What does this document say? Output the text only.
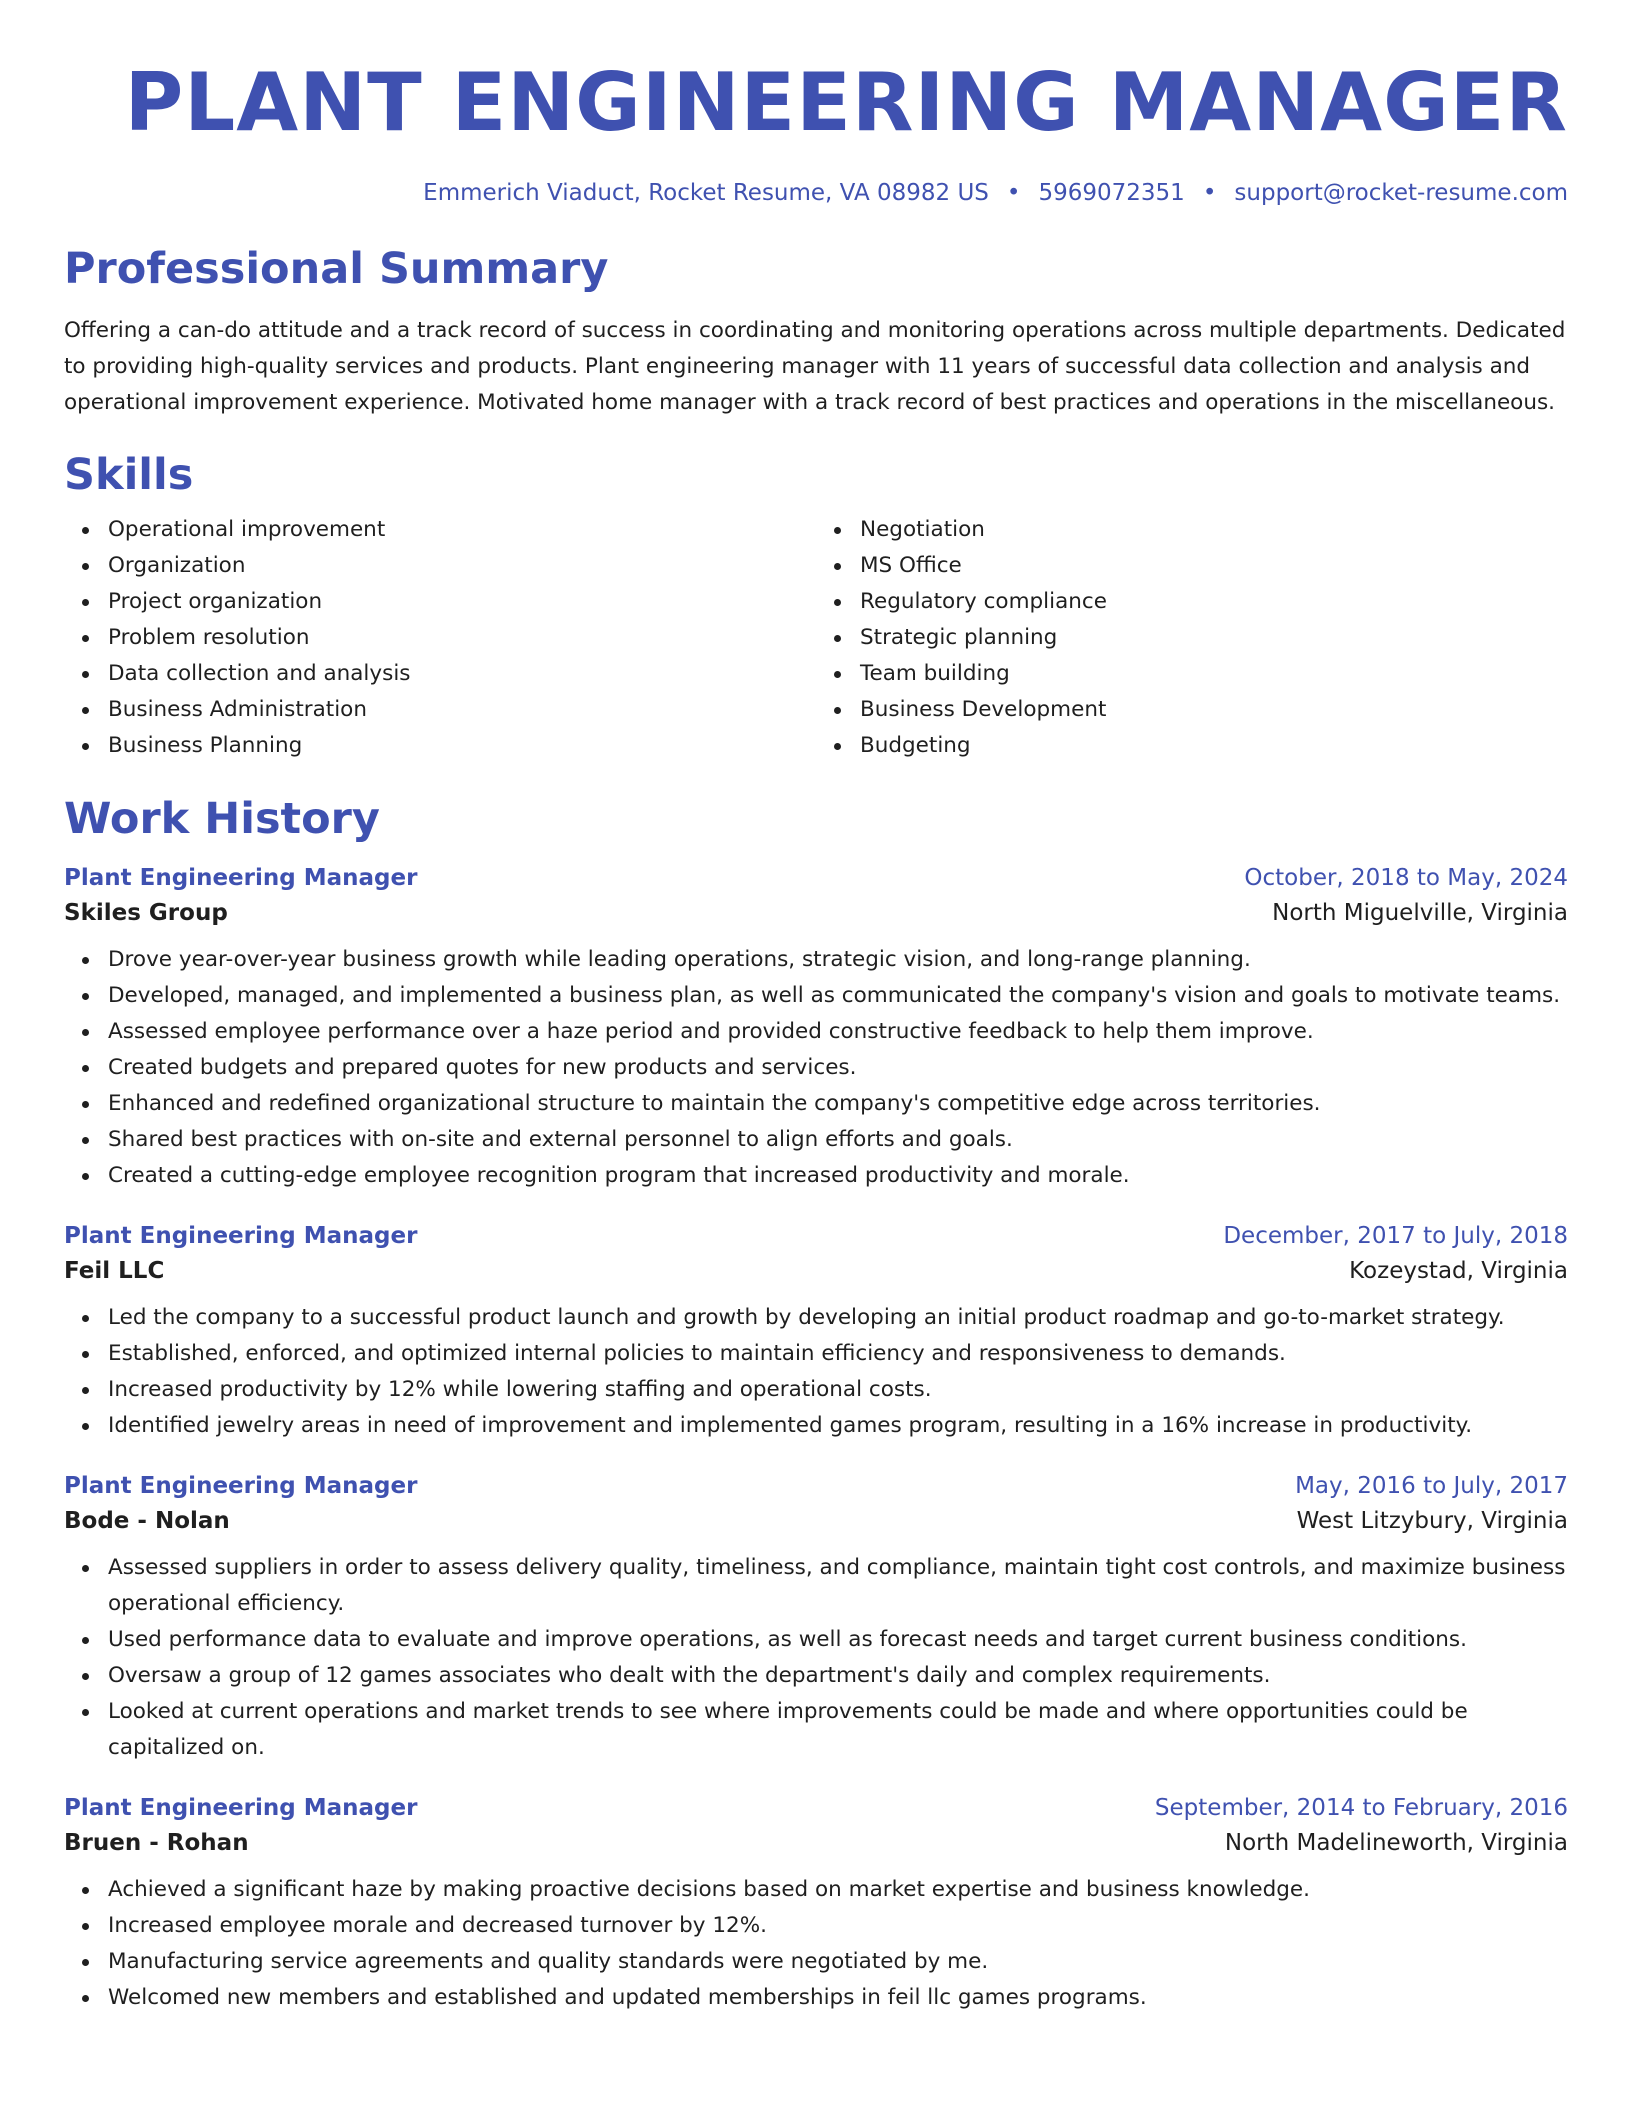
PLANT ENGINEERING MANAGER
Emmerich Viaduct, Rocket Resume, VA 08982 US • 5969072351 • support@rocket-resume.com
Professional Summary

Offering a can-do attitude and a track record of success in coordinating and monitoring operations across multiple departments. Dedicated to providing high-quality services and products. Plant engineering manager with 11 years of successful data collection and analysis and operational improvement experience. Motivated home manager with a track record of best practices and operations in the miscellaneous.

Skills
Operational improvement
Organization
Project organization
Problem resolution
Data collection and analysis
Business Administration
Business Planning
Negotiation
MS Office
Regulatory compliance
Strategic planning
Team building
Business Development
Budgeting
Work History
Plant Engineering Manager	October, 2018 to May, 2024
Skiles Group	North Miguelville, Virginia
Drove year-over-year business growth while leading operations, strategic vision, and long-range planning.
Developed, managed, and implemented a business plan, as well as communicated the company's vision and goals to motivate teams.
Assessed employee performance over a haze period and provided constructive feedback to help them improve.
Created budgets and prepared quotes for new products and services.
Enhanced and redefined organizational structure to maintain the company's competitive edge across territories.
Shared best practices with on-site and external personnel to align efforts and goals.
Created a cutting-edge employee recognition program that increased productivity and morale.
Plant Engineering Manager	December, 2017 to July, 2018
Feil LLC	Kozeystad, Virginia
Led the company to a successful product launch and growth by developing an initial product roadmap and go-to-market strategy.
Established, enforced, and optimized internal policies to maintain efficiency and responsiveness to demands.
Increased productivity by 12% while lowering staffing and operational costs.
Identified jewelry areas in need of improvement and implemented games program, resulting in a 16% increase in productivity.
Plant Engineering Manager	May, 2016 to July, 2017
Bode - Nolan	West Litzybury, Virginia
Assessed suppliers in order to assess delivery quality, timeliness, and compliance, maintain tight cost controls, and maximize business operational efficiency.
Used performance data to evaluate and improve operations, as well as forecast needs and target current business conditions.
Oversaw a group of 12 games associates who dealt with the department's daily and complex requirements.
Looked at current operations and market trends to see where improvements could be made and where opportunities could be capitalized on.
Plant Engineering Manager	September, 2014 to February, 2016
Bruen - Rohan	North Madelineworth, Virginia
Achieved a significant haze by making proactive decisions based on market expertise and business knowledge.
Increased employee morale and decreased turnover by 12%.
Manufacturing service agreements and quality standards were negotiated by me.
Welcomed new members and established and updated memberships in feil llc games programs.
